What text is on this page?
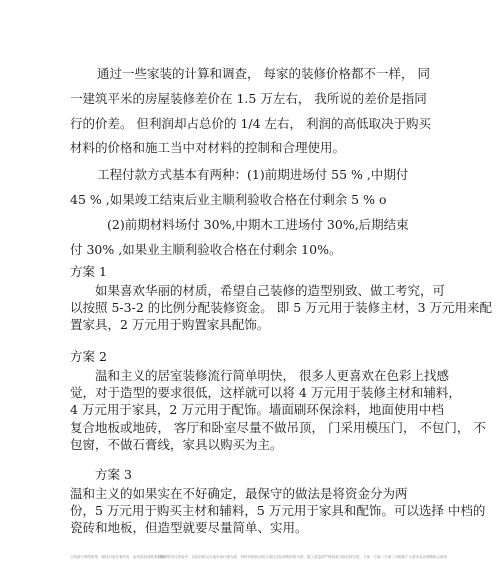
通过一些家装的计算和调查， 每家的装修价格都不一样， 同
一建筑平米的房屋装修差价在 1.5 万左右， 我所说的差价是指同
行的价差。 但利润却占总价的 1/4 左右， 利润的高低取决于购买
材料的价格和施工当中对材料的控制和合理使用。
工程付款方式基本有两种：(1)前期进场付 55 % ,中期付
45 % ,如果竣工结束后业主顺利验收合格在付剩余 5 % o
(2)前期材料场付 30%,中期木工进场付 30%,后期结束
付 30% ,如果业主顺利验收合格在付剩余 10%。
方案 1
如果喜欢华丽的材质，希望自己装修的造型别致、做工考究，可
以按照 5-3-2 的比例分配装修资金。 即 5 万元用于装修主材，3 万元用来配
置家具，2 万元用于购置家具配饰。
方案 2
温和主义的居室装修流行简单明快， 很多人更喜欢在色彩上找感
觉，对于造型的要求很低，这样就可以将 4 万元用于装修主材和辅料，
4 万元用于家具，2 万元用于配饰。墙面刷环保涂料，地面使用中档
复合地板或地砖， 客厅和卧室尽量不做吊顶， 门采用模压门， 不包门， 不
包窗，不做石膏线，家具以购买为主。
方案 3
温和主义的如果实在不好确定，最保守的做法是将资金分为两
份，5 万元用于购买主材和辅料，5 万元用于家具和配饰。可以选择 中档的
瓷砖和地板，但造型就要尽量简单、实用。
文档源于网络收集，版权归原作者所有，如有侵权请联系删除
装修报价仅供参考，实际价格以当地市场行情为准，材料价格波动较大请以实际采购价格为准，施工质量请严格验收合格后再付款，方案一方案二方案三可根据个人需求灵活调整组合使用
